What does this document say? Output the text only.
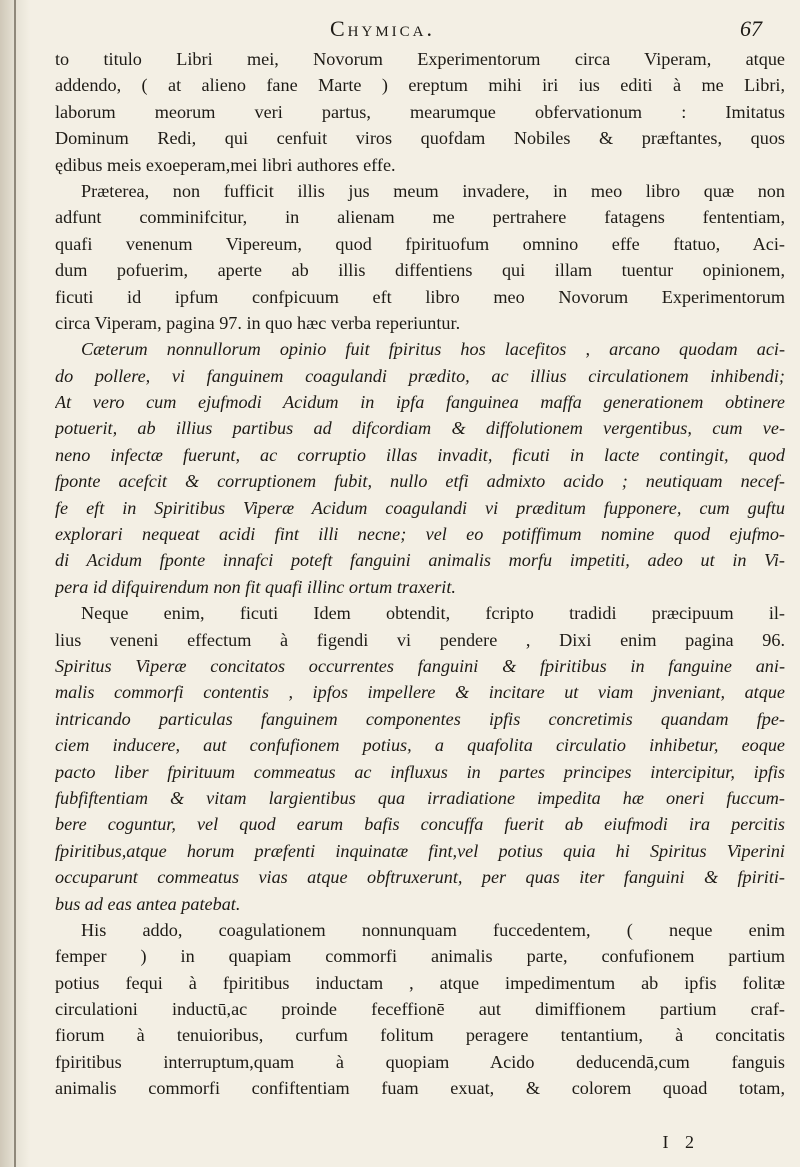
Chymica.	67
to titulo Libri mei, Novorum Experimentorum circa Viperam, atque
addendo, ( at alieno fane Marte ) ereptum mihi iri ius editi à me Libri,
laborum meorum veri partus, mearumque obfervationum : Imitatus
Dominum Redi, qui cenfuit viros quofdam Nobiles & præftantes, quos
ędibus meis exoeperam,mei libri authores effe.
Præterea, non fufficit illis jus meum invadere, in meo libro quæ non
adfunt comminifcitur, in alienam me pertrahere fatagens fententiam,
quafi venenum Vipereum, quod fpirituofum omnino effe ftatuo, Aci-
dum pofuerim, aperte ab illis diffentiens qui illam tuentur opinionem,
ficuti id ipfum confpicuum eft libro meo Novorum Experimentorum
circa Viperam, pagina 97. in quo hæc verba reperiuntur.
Cæterum nonnullorum opinio fuit fpiritus hos lacefitos , arcano quodam aci-
do pollere, vi fanguinem coagulandi prædito, ac illius circulationem inhibendi;
At vero cum ejufmodi Acidum in ipfa fanguinea maffa generationem obtinere
potuerit, ab illius partibus ad difcordiam & diffolutionem vergentibus, cum ve-
neno infectæ fuerunt, ac corruptio illas invadit, ficuti in lacte contingit, quod
fponte acefcit & corruptionem fubit, nullo etfi admixto acido ; neutiquam necef-
fe eft in Spiritibus Viperæ Acidum coagulandi vi præditum fupponere, cum guftu
explorari nequeat acidi fint illi necne; vel eo potiffimum nomine quod ejufmo-
di Acidum fponte innafci poteft fanguini animalis morfu impetiti, adeo ut in Vi-
pera id difquirendum non fit quafi illinc ortum traxerit.
Neque enim, ficuti Idem obtendit, fcripto tradidi præcipuum il-
lius veneni effectum à figendi vi pendere , Dixi enim pagina 96.
Spiritus Viperæ concitatos occurrentes fanguini & fpiritibus in fanguine ani-
malis commorfi contentis , ipfos impellere & incitare ut viam jnveniant, atque
intricando particulas fanguinem componentes ipfis concretimis quandam fpe-
ciem inducere, aut confufionem potius, a quafolita circulatio inhibetur, eoque
pacto liber fpirituum commeatus ac influxus in partes principes intercipitur, ipfis
fubfiftentiam & vitam largientibus qua irradiatione impedita hæ oneri fuccum-
bere coguntur, vel quod earum bafis concuffa fuerit ab eiufmodi ira percitis
fpiritibus,atque horum præfenti inquinatæ fint,vel potius quia hi Spiritus Viperini
occuparunt commeatus vias atque obftruxerunt, per quas iter fanguini & fpiriti-
bus ad eas antea patebat.
His addo, coagulationem nonnunquam fuccedentem, ( neque enim
femper ) in quapiam commorfi animalis parte, confufionem partium
potius fequi à fpiritibus inductam , atque impedimentum ab ipfis folitæ
circulationi inductū,ac proinde feceffionē aut dimiffionem partium craf-
fiorum à tenuioribus, curfum folitum peragere tentantium, à concitatis
fpiritibus interruptum,quam à quopiam Acido deducendā,cum fanguis
animalis commorfi confiftentiam fuam exuat, & colorem quoad totam,
I 2
